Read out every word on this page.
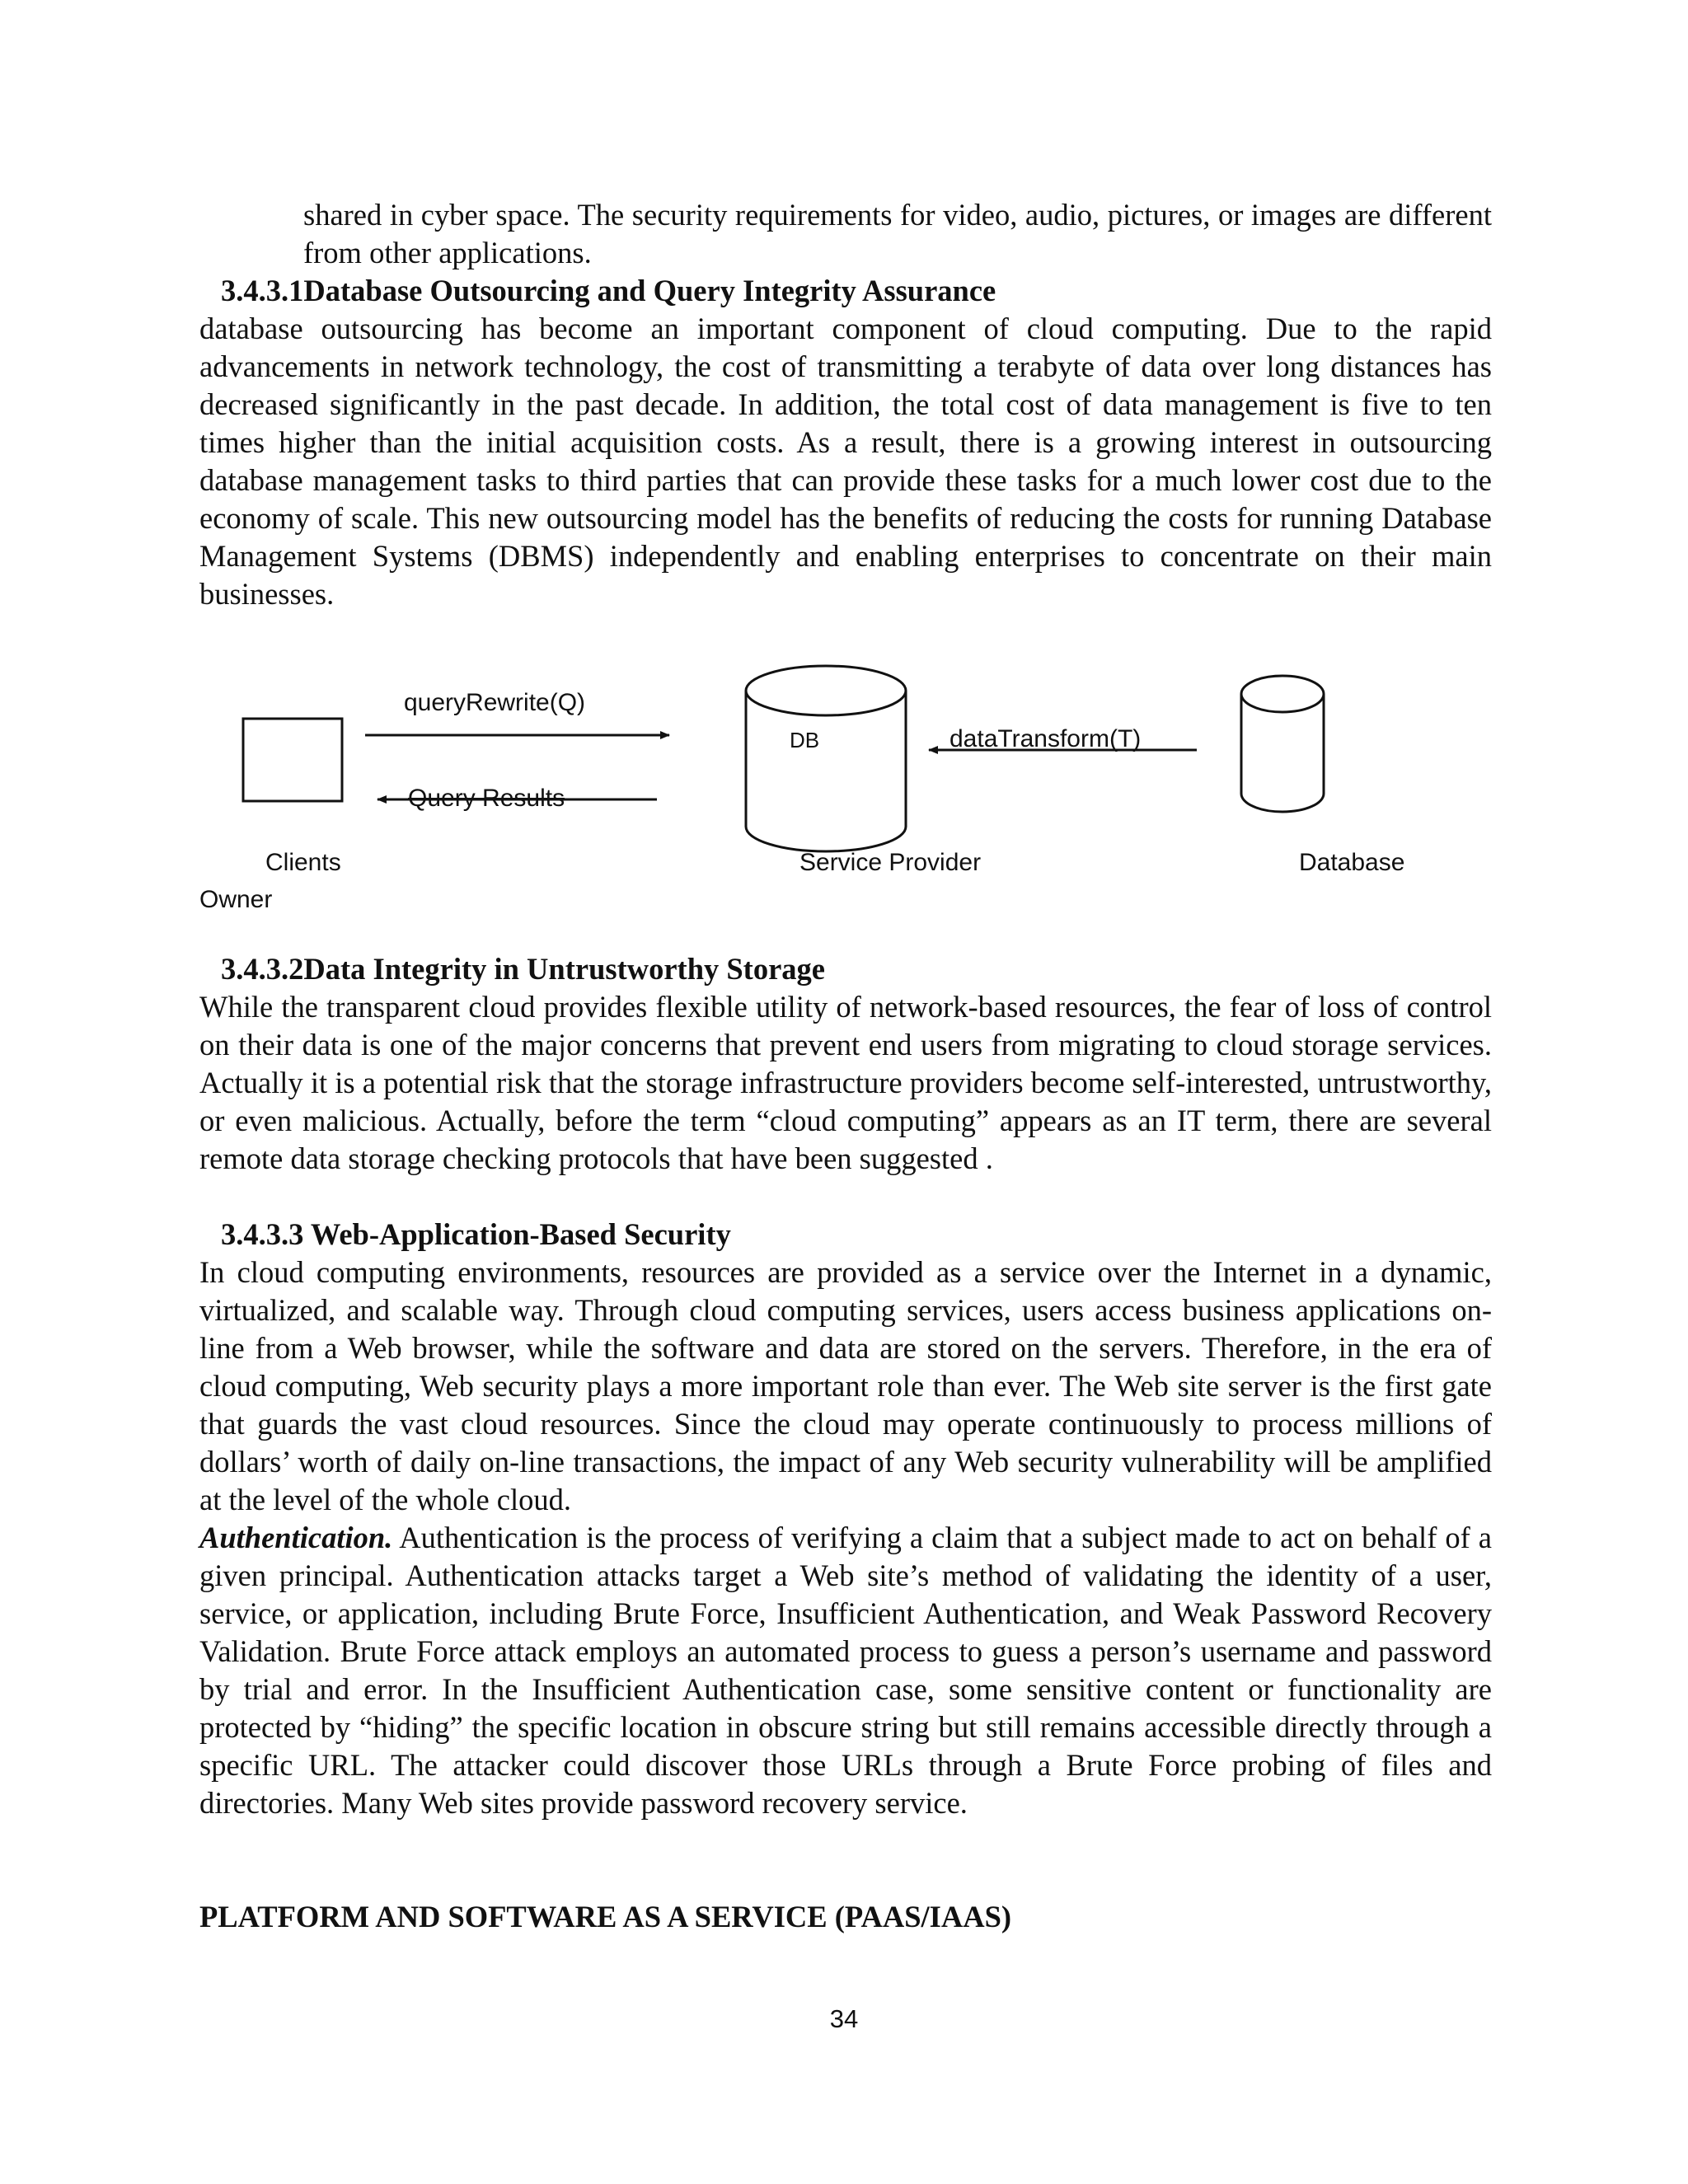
shared in cyber space. The security requirements for video, audio, pictures, or images are different from other applications.

3.4.3.1Database Outsourcing and Query Integrity Assurance

database outsourcing has become an important component of cloud computing. Due to the rapid advancements in network technology, the cost of transmitting a terabyte of data over long distances has decreased significantly in the past decade. In addition, the total cost of data management is five to ten times higher than the initial acquisition costs. As a result, there is a growing interest in outsourcing database management tasks to third parties that can provide these tasks for a much lower cost due to the economy of scale. This new outsourcing model has the benefits of reducing the costs for running Database Management Systems (DBMS) independently and enabling enterprises to concentrate on their main businesses.

queryRewrite(Q)
Query Results
DB	dataTransform(T)
Clients	Service Provider	Database
Owner
3.4.3.2Data Integrity in Untrustworthy Storage

While the transparent cloud provides flexible utility of network-based resources, the fear of loss of control on their data is one of the major concerns that prevent end users from migrating to cloud storage services. Actually it is a potential risk that the storage infrastructure providers become self-interested, untrustworthy, or even malicious. Actually, before the term “cloud computing” appears as an IT term, there are several remote data storage checking protocols that have been suggested .

3.4.3.3 Web-Application-Based Security

In cloud computing environments, resources are provided as a service over the Internet in a dynamic, virtualized, and scalable way. Through cloud computing services, users access business applications on-line from a Web browser, while the software and data are stored on the servers. Therefore, in the era of cloud computing, Web security plays a more important role than ever. The Web site server is the first gate that guards the vast cloud resources. Since the cloud may operate continuously to process millions of dollars’ worth of daily on-line transactions, the impact of any Web security vulnerability will be amplified at the level of the whole cloud.

Authentication. Authentication is the process of verifying a claim that a subject made to act on behalf of a given principal. Authentication attacks target a Web site’s method of validating the identity of a user, service, or application, including Brute Force, Insufficient Authentication, and Weak Password Recovery Validation. Brute Force attack employs an automated process to guess a person’s username and password by trial and error. In the Insufficient Authentication case, some sensitive content or functionality are protected by “hiding” the specific location in obscure string but still remains accessible directly through a specific URL. The attacker could discover those URLs through a Brute Force probing of files and directories. Many Web sites provide password recovery service.

PLATFORM AND SOFTWARE AS A SERVICE (PAAS/IAAS)
34
